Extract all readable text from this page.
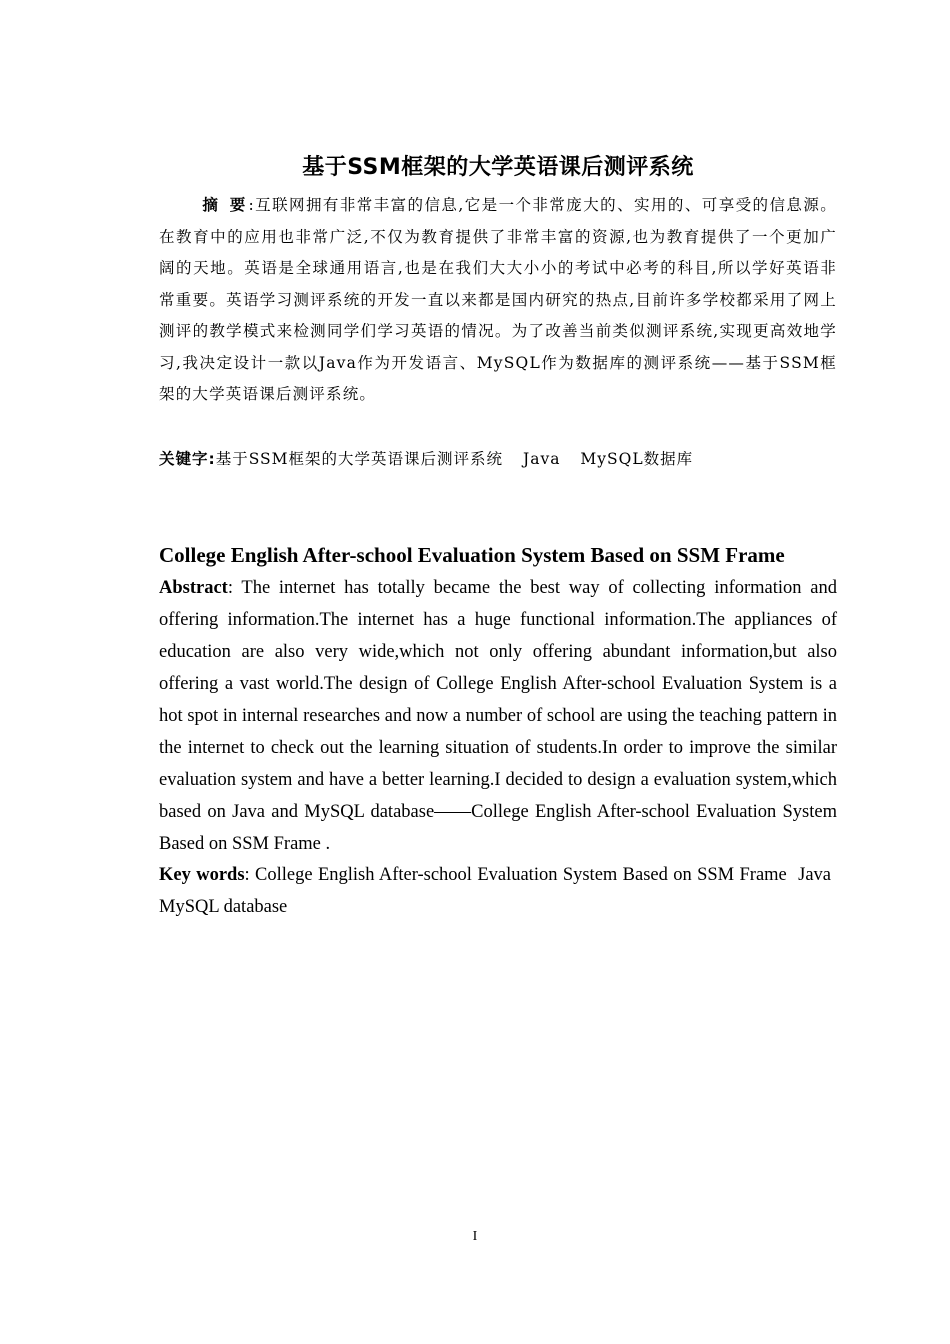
基于SSM框架的大学英语课后测评系统
摘 要:互联网拥有非常丰富的信息,它是一个非常庞大的、实用的、可享受的信息源。在教育中的应用也非常广泛,不仅为教育提供了非常丰富的资源,也为教育提供了一个更加广阔的天地。英语是全球通用语言,也是在我们大大小小的考试中必考的科目,所以学好英语非常重要。英语学习测评系统的开发一直以来都是国内研究的热点,目前许多学校都采用了网上测评的教学模式来检测同学们学习英语的情况。为了改善当前类似测评系统,实现更高效地学习,我决定设计一款以Java作为开发语言、MySQL作为数据库的测评系统——基于SSM框架的大学英语课后测评系统。
关键字:基于SSM框架的大学英语课后测评系统 Java MySQL数据库
College English After-school Evaluation System Based on SSM Frame
Abstract: The internet has totally became the best way of collecting information and offering information.The internet has a huge functional information.The appliances of education are also very wide,which not only offering abundant information,but also offering a vast world.The design of College English After-school Evaluation System is a hot spot in internal researches and now a number of school are using the teaching pattern in the internet to check out the learning situation of students.In order to improve the similar evaluation system and have a better learning.I decided to design a evaluation system,which based on Java and MySQL database——College English After-school Evaluation System Based on SSM Frame .
Key words: College English After-school Evaluation System Based on SSM Frame Java MySQL database
I
